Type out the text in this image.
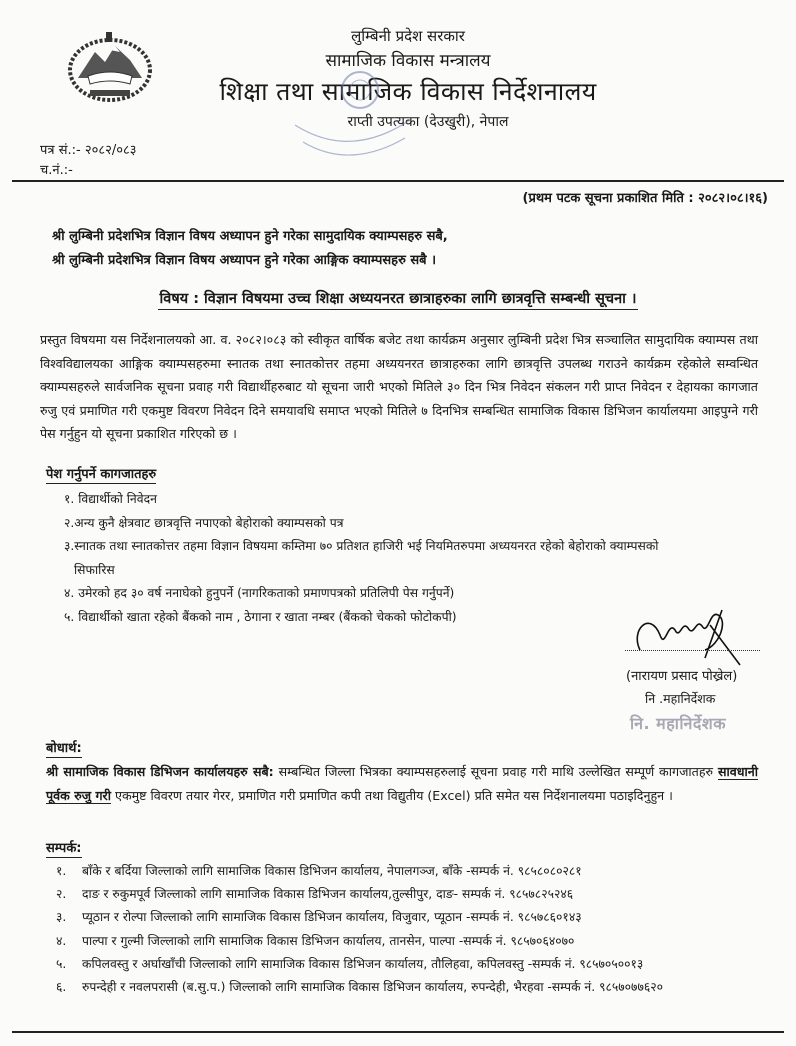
लुम्बिनी प्रदेश सरकार
सामाजिक विकास मन्त्रालय
शिक्षा तथा सामाजिक विकास निर्देशनालय
राप्ती उपत्यका (देउखुरी), नेपाल
पत्र सं.:- २०८२/०८३
च.नं.:-
(प्रथम पटक सूचना प्रकाशित मिति : २०८२।०८।१६)
श्री लुम्बिनी प्रदेशभित्र विज्ञान विषय अध्यापन हुने गरेका सामुदायिक क्याम्पसहरु सबै,
श्री लुम्बिनी प्रदेशभित्र विज्ञान विषय अध्यापन हुने गरेका आङ्गिक क्याम्पसहरु सबै ।
विषय : विज्ञान विषयमा उच्च शिक्षा अध्ययनरत छात्राहरुका लागि छात्रवृत्ति सम्बन्धी सूचना ।
प्रस्तुत विषयमा यस निर्देशनालयको आ. व. २०८२।०८३ को स्वीकृत वार्षिक बजेट तथा कार्यक्रम अनुसार लुम्बिनी प्रदेश भित्र सञ्चालित सामुदायिक क्याम्पस तथा विश्वविद्यालयका आङ्गिक क्याम्पसहरुमा स्नातक तथा स्नातकोत्तर तहमा अध्ययनरत छात्राहरुका लागि छात्रवृत्ति उपलब्ध गराउने कार्यक्रम रहेकोले सम्वन्धित क्याम्पसहरुले सार्वजनिक सूचना प्रवाह गरी विद्यार्थीहरुबाट यो सूचना जारी भएको मितिले ३० दिन भित्र निवेदन संकलन गरी प्राप्त निवेदन र देहायका कागजात रुजु एवं प्रमाणित गरी एकमुष्ट विवरण निवेदन दिने समयावधि समाप्त भएको मितिले ७ दिनभित्र सम्बन्धित सामाजिक विकास डिभिजन कार्यालयमा आइपुग्ने गरी पेस गर्नुहुन यो सूचना प्रकाशित गरिएको छ ।
पेश गर्नुपर्ने कागजातहरु
१. विद्यार्थीको निवेदन
२.अन्य कुनै क्षेत्रवाट छात्रवृत्ति नपाएको बेहोराको क्याम्पसको पत्र
३.स्नातक तथा स्नातकोत्तर तहमा विज्ञान विषयमा कम्तिमा ७० प्रतिशत हाजिरी भई नियमितरुपमा अध्ययनरत रहेको बेहोराको क्याम्पसको
सिफारिस
४. उमेरको हद ३० वर्ष ननाघेको हुनुपर्ने (नागरिकताको प्रमाणपत्रको प्रतिलिपी पेस गर्नुपर्ने)
५. विद्यार्थीको खाता रहेको बैंकको नाम , ठेगाना र खाता नम्बर (बैंकको चेकको फोटोकपी)
(नारायण प्रसाद पोख्रेल)
नि .महानिर्देशक
नि. महानिर्देशक
बोधार्थ:
श्री सामाजिक विकास डिभिजन कार्यालयहरु सबै: सम्बन्धित जिल्ला भित्रका क्याम्पसहरुलाई सूचना प्रवाह गरी माथि उल्लेखित सम्पूर्ण कागजातहरु सावधानी पूर्वक रुजु गरी एकमुष्ट विवरण तयार गेरर, प्रमाणित गरी प्रमाणित कपी तथा विद्युतीय (Excel) प्रति समेत यस निर्देशनालयमा पठाइदिनुहुन ।
सम्पर्क:
१.	बाँके र बर्दिया जिल्लाको लागि सामाजिक विकास डिभिजन कार्यालय, नेपालगञ्ज, बाँके -सम्पर्क नं. ९८५८०८०२८१
२.	दाङ र रुकुमपूर्व जिल्लाको लागि सामाजिक विकास डिभिजन कार्यालय,तुल्सीपुर, दाङ- सम्पर्क नं. ९८५७८२५२४६
३.	प्यूठान र रोल्पा जिल्लाको लागि सामाजिक विकास डिभिजन कार्यालय, विजुवार, प्यूठान -सम्पर्क नं. ९८५७८६०१४३
४.	पाल्पा र गुल्मी जिल्लाको लागि सामाजिक विकास डिभिजन कार्यालय, तानसेन, पाल्पा -सम्पर्क नं. ९८५७०६४०७०
५.	कपिलवस्तु र अर्घाखाँची जिल्लाको लागि सामाजिक विकास डिभिजन कार्यालय, तौलिहवा, कपिलवस्तु -सम्पर्क नं. ९८५७०५००१३
६.	रुपन्देही र नवलपरासी (ब.सु.प.) जिल्लाको लागि सामाजिक विकास डिभिजन कार्यालय, रुपन्देही, भैरहवा -सम्पर्क नं. ९८५७०७७६२०
